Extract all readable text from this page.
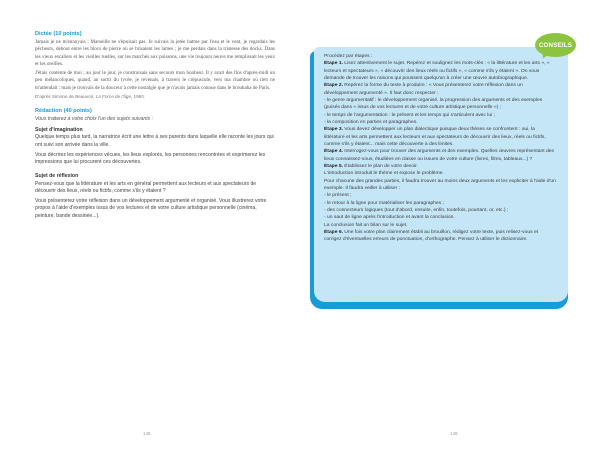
Dictée (10 points)

Jamais je ne m'ennuyais : Marseille ne s'épuisait pas. Je suivais la jetée battue par l'eau et le vent, je regardais les pêcheurs, debout entre les blocs de pierre où se brisaient les lames ; je me perdais dans la tristesse des docks. Dans les vieux escaliers et les vieilles ruelles, sur les marchés aux poissons, une vie toujours neuve me remplissait les yeux et les oreilles.

J'étais contente de moi ; au jour le jour, je construisais sans secours mon bonheur. Il y avait des fins d'après-midi un peu mélancoliques, quand, au sortir du lycée, je revenais, à travers le crépuscule, vers ma chambre où rien ne m'attendait : mais je trouvais de la douceur à cette nostalgie que je n'avais jamais connue dans le brouhaha de Paris.

D'après Simone de Beauvoir, La Force de l'âge, 1960.
Rédaction (40 points)
Vous traiterez à votre choix l'un des sujets suivants :
Sujet d'imagination

Quelque temps plus tard, la narratrice écrit une lettre à ses parents dans laquelle elle raconte les jours qui ont suivi son arrivée dans la ville.

Vous décrirez les expériences vécues, les lieux explorés, les personnes rencontrées et exprimerez les impressions que lui procurent ces découvertes.

Sujet de réflexion

Pensez-vous que la littérature et les arts en général permettent aux lecteurs et aux spectateurs de découvrir des lieux, réels ou fictifs, comme s'ils y étaient ?

Vous présenterez votre réflexion dans un développement argumenté et organisé. Vous illustrerez votre propos à l'aide d'exemples issus de vos lectures et de votre culture artistique personnelle (cinéma, peinture, bande dessinée...).

148

Procédez par étapes :

Étape 1. Lisez attentivement le sujet. Repérez et soulignez les mots-clés : « la littérature et les arts », « lecteurs et spectateurs », « découvrir des lieux réels ou fictifs », « comme s'ils y étaient ». On vous demande de trouver les raisons qui poussent quelqu'un à créer une œuvre autobiographique.

Étape 2. Repérez la forme du texte à produire : « Vous présenterez votre réflexion dans un développement argumenté ». Il faut donc respecter :

- le genre argumentatif : le développement organisé, la progression des arguments et des exemples (puisés dans « issus de vos lectures et de votre culture artistique personnelle ») ;

- le temps de l'argumentation : le présent et les temps qui s'articulent avec lui ;

- la composition en parties et paragraphes.

Étape 3. Vous devez développer un plan dialectique puisque deux thèses se confrontent : oui, la littérature et les arts permettent aux lecteurs et aux spectateurs de découvrir des lieux, réels ou fictifs, comme s'ils y étaient... mais cette découverte a des limites.

Étape 4. Interrogez-vous pour trouver des arguments et des exemples. Quelles œuvres représentant des lieux connaissez-vous, étudiées en classe ou issues de votre culture (livres, films, tableaux...) ?

Étape 5. Établissez le plan de votre devoir.

L'introduction introduit le thème et expose le problème.

Pour chacune des grandes parties, il faudra trouver au moins deux arguments et les expliciter à l'aide d'un exemple. Il faudra veiller à utiliser :

- le présent ;

- le retour à la ligne pour matérialiser les paragraphes ;

- des connecteurs logiques (tout d'abord, ensuite, enfin, toutefois, pourtant, or, etc.) ;

- un saut de ligne après l'introduction et avant la conclusion.

La conclusion fait un bilan sur le sujet.

Étape 6. Une fois votre plan clairement établi au brouillon, rédigez votre texte, puis relisez-vous et corrigez d'éventuelles erreurs de ponctuation, d'orthographe. Pensez à utiliser le dictionnaire.

CONSEILS
149
